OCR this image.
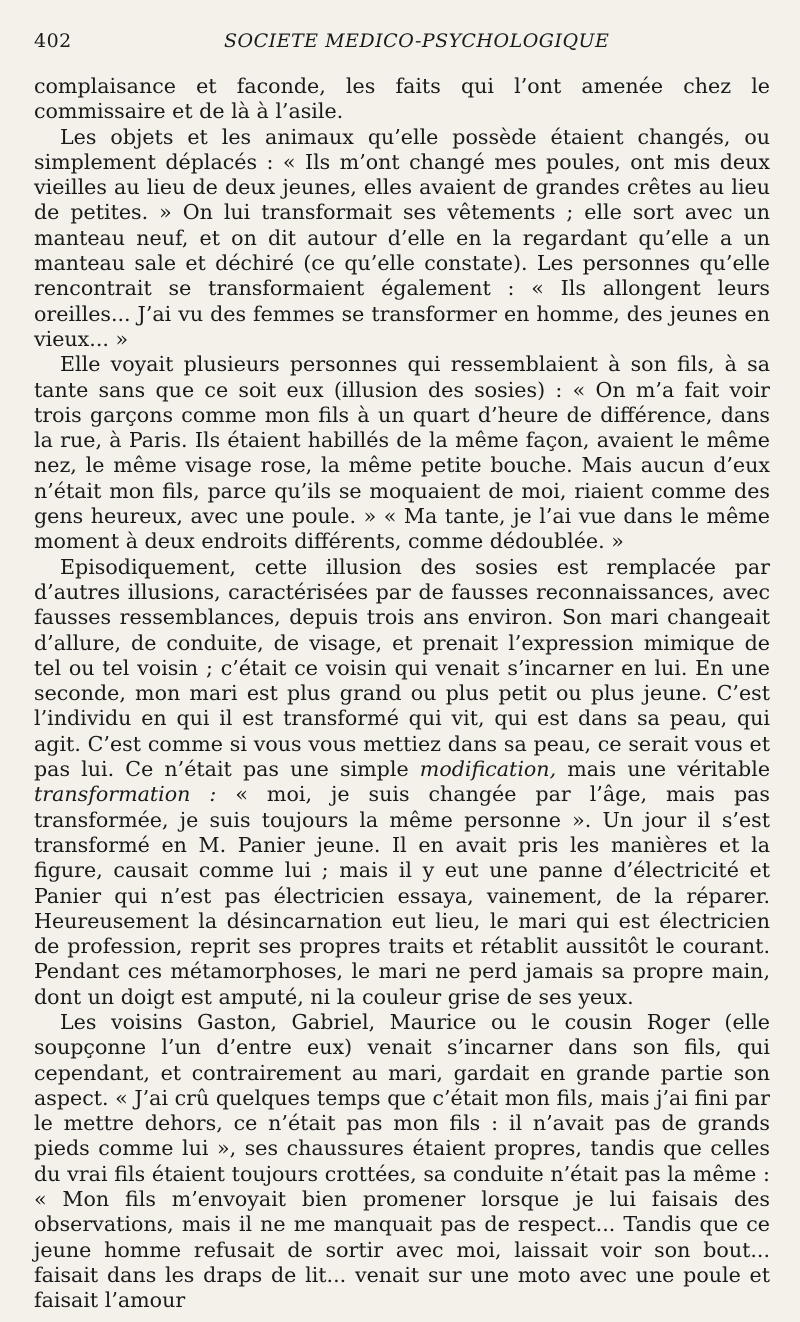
402	SOCIETE MEDICO-PSYCHOLOGIQUE

complaisance et faconde, les faits qui l’ont amenée chez le commissaire et de là à l’asile.

Les objets et les animaux qu’elle possède étaient changés, ou simplement déplacés : « Ils m’ont changé mes poules, ont mis deux vieilles au lieu de deux jeunes, elles avaient de grandes crêtes au lieu de petites. » On lui transformait ses vêtements ; elle sort avec un manteau neuf, et on dit autour d’elle en la regardant qu’elle a un manteau sale et déchiré (ce qu’elle constate). Les personnes qu’elle rencontrait se transformaient également : « Ils allongent leurs oreilles... J’ai vu des femmes se transformer en homme, des jeunes en vieux... »

Elle voyait plusieurs personnes qui ressemblaient à son fils, à sa tante sans que ce soit eux (illusion des sosies) : « On m’a fait voir trois garçons comme mon fils à un quart d’heure de différence, dans la rue, à Paris. Ils étaient habillés de la même façon, avaient le même nez, le même visage rose, la même petite bouche. Mais aucun d’eux n’était mon fils, parce qu’ils se moquaient de moi, riaient comme des gens heureux, avec une poule. » « Ma tante, je l’ai vue dans le même moment à deux endroits différents, comme dédoublée. »

Episodiquement, cette illusion des sosies est remplacée par d’autres illusions, caractérisées par de fausses reconnaissances, avec fausses ressemblances, depuis trois ans environ. Son mari changeait d’allure, de conduite, de visage, et prenait l’expression mimique de tel ou tel voisin ; c’était ce voisin qui venait s’incarner en lui. En une seconde, mon mari est plus grand ou plus petit ou plus jeune. C’est l’individu en qui il est transformé qui vit, qui est dans sa peau, qui agit. C’est comme si vous vous mettiez dans sa peau, ce serait vous et pas lui. Ce n’était pas une simple modification, mais une véritable transformation : « moi, je suis changée par l’âge, mais pas transformée, je suis toujours la même personne ». Un jour il s’est transformé en M. Panier jeune. Il en avait pris les manières et la figure, causait comme lui ; mais il y eut une panne d’électricité et Panier qui n’est pas électricien essaya, vainement, de la réparer. Heureusement la désincarnation eut lieu, le mari qui est électricien de profession, reprit ses propres traits et rétablit aussitôt le courant. Pendant ces métamorphoses, le mari ne perd jamais sa propre main, dont un doigt est amputé, ni la couleur grise de ses yeux.

Les voisins Gaston, Gabriel, Maurice ou le cousin Roger (elle soupçonne l’un d’entre eux) venait s’incarner dans son fils, qui cependant, et contrairement au mari, gardait en grande partie son aspect. « J’ai crû quelques temps que c’était mon fils, mais j’ai fini par le mettre dehors, ce n’était pas mon fils : il n’avait pas de grands pieds comme lui », ses chaussures étaient propres, tandis que celles du vrai fils étaient toujours crottées, sa conduite n’était pas la même : « Mon fils m’envoyait bien promener lorsque je lui faisais des observations, mais il ne me manquait pas de respect... Tandis que ce jeune homme refusait de sortir avec moi, laissait voir son bout... faisait dans les draps de lit... venait sur une moto avec une poule et faisait l’amour
